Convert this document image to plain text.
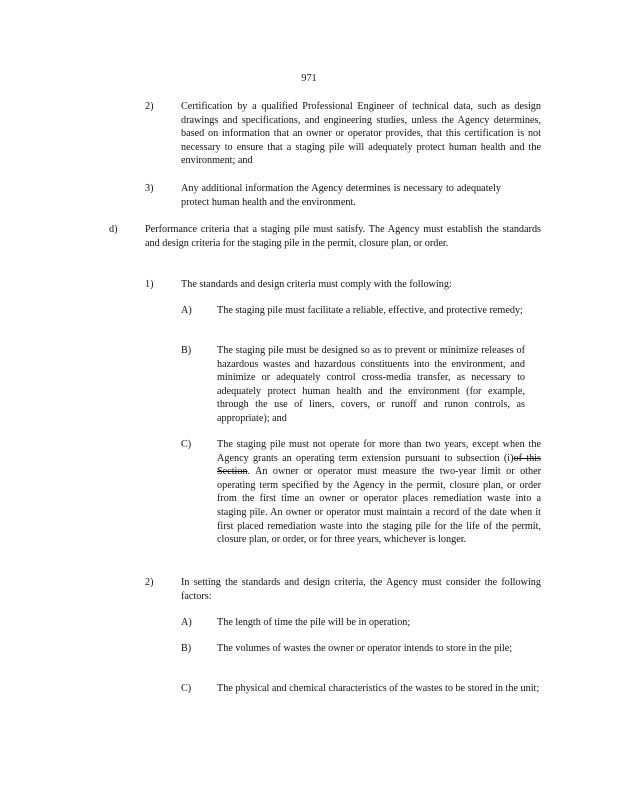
971
2)	Certification by a qualified Professional Engineer of technical data, such as design drawings and specifications, and engineering studies, unless the Agency determines, based on information that an owner or operator provides, that this certification is not necessary to ensure that a staging pile will adequately protect human health and the environment; and
3)	Any additional information the Agency determines is necessary to adequately protect human health and the environment.
d)	Performance criteria that a staging pile must satisfy. The Agency must establish the standards and design criteria for the staging pile in the permit, closure plan, or order.
1)	The standards and design criteria must comply with the following:
A) The staging pile must facilitate a reliable, effective, and protective remedy;
B)	The staging pile must be designed so as to prevent or minimize releases of hazardous wastes and hazardous constituents into the environment, and minimize or adequately control cross-media transfer, as necessary to adequately protect human health and the environment (for example, through the use of liners, covers, or runoff and runon controls, as appropriate); and
C)	The staging pile must not operate for more than two years, except when the Agency grants an operating term extension pursuant to subsection (i)of this Section. An owner or operator must measure the two-year limit or other operating term specified by the Agency in the permit, closure plan, or order from the first time an owner or operator places remediation waste into a staging pile. An owner or operator must maintain a record of the date when it first placed remediation waste into the staging pile for the life of the permit, closure plan, or order, or for three years, whichever is longer.
2)	In setting the standards and design criteria, the Agency must consider the following factors:
A) The length of time the pile will be in operation;
B)	The volumes of wastes the owner or operator intends to store in the pile;
C)	The physical and chemical characteristics of the wastes to be stored in the unit;
